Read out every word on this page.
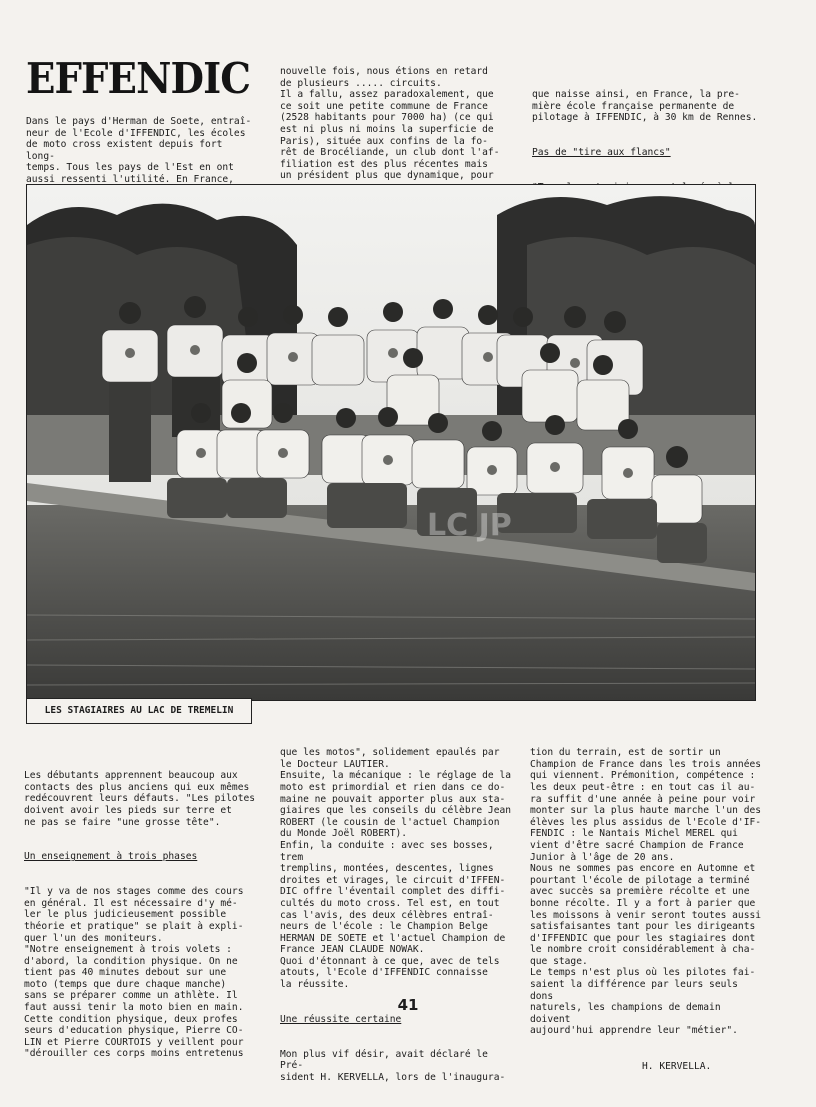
EFFENDIC

Dans le pays d'Herman de Soete, entraî-

neur de l'Ecole d'IFFENDIC, les écoles

de moto cross existent depuis fort long-

temps. Tous les pays de l'Est en ont

aussi ressenti l'utilité. En France,

nouvelle fois, nous étions en retard

de plusieurs ..... circuits.

Il a fallu, assez paradoxalement, que

ce soit une petite commune de France

(2528 habitants pour 7000 ha) (ce qui

est ni plus ni moins la superficie de

Paris), située aux confins de la fo-

rêt de Brocéliande, un club dont l'af-

filiation est des plus récentes mais

un président plus que dynamique, pour

que naisse ainsi, en France, la pre-

mière école française permanente de

pilotage à IFFENDIC, à 30 km de Rennes.

Pas de "tire aux flancs"

LC JP
LES STAGIAIRES AU LAC DE TREMELIN

Les débutants apprennent beaucoup aux

contacts des plus anciens qui eux mêmes

redécouvrent leurs défauts. "Les pilotes

doivent avoir les pieds sur terre et

ne pas se faire "une grosse tête".

Un enseignement à trois phases

"Il y va de nos stages comme des cours

en général. Il est nécessaire d'y mé-

ler le plus judicieusement possible

théorie et pratique" se plait à expli-

quer l'un des moniteurs.

"Notre enseignement à trois volets :

d'abord, la condition physique. On ne

tient pas 40 minutes debout sur une

moto (temps que dure chaque manche)

sans se préparer comme un athlète. Il

faut aussi tenir la moto bien en main.

Cette condition physique, deux profes

seurs d'education physique, Pierre CO-

LIN et Pierre COURTOIS y veillent pour

"dérouiller ces corps moins entretenus

que les motos", solidement epaulés par

le Docteur LAUTIER.

Ensuite, la mécanique : le réglage de la

moto est primordial et rien dans ce do-

maine ne pouvait apporter plus aux sta-

giaires que les conseils du célèbre Jean

ROBERT (le cousin de l'actuel Champion

du Monde Joël ROBERT).

Enfin, la conduite : avec ses bosses, trem

tremplins, montées, descentes, lignes

droites et virages, le circuit d'IFFEN-

DIC offre l'éventail complet des diffi-

cultés du moto cross. Tel est, en tout

cas l'avis, des deux célèbres entraî-

neurs de l'école : le Champion Belge

HERMAN DE SOETE et l'actuel Champion de

France JEAN CLAUDE NOWAK.

Quoi d'étonnant à ce que, avec de tels

atouts, l'Ecole d'IFFENDIC connaisse

la réussite.

Une réussite certaine

Mon plus vif désir, avait déclaré le Pré-

sident H. KERVELLA, lors de l'inaugura-

tion du terrain, est de sortir un

Champion de France dans les trois années

qui viennent. Prémonition, compétence :

les deux peut-être : en tout cas il au-

ra suffit d'une année à peine pour voir

monter sur la plus haute marche l'un des

élèves les plus assidus de l'Ecole d'IF-

FENDIC : le Nantais Michel MEREL qui

vient d'être sacré Champion de France

Junior à l'âge de 20 ans.

Nous ne sommes pas encore en Automne et

pourtant l'école de pilotage a terminé

avec succès sa première récolte et une

bonne récolte. Il y a fort à parier que

les moissons à venir seront toutes aussi

satisfaisantes tant pour les dirigeants

d'IFFENDIC que pour les stagiaires dont

le nombre croit considérablement à cha-

que stage.

Le temps n'est plus où les pilotes fai-

saient la différence par leurs seuls dons

naturels, les champions de demain doivent

aujourd'hui apprendre leur "métier".

H. KERVELLA.

41
